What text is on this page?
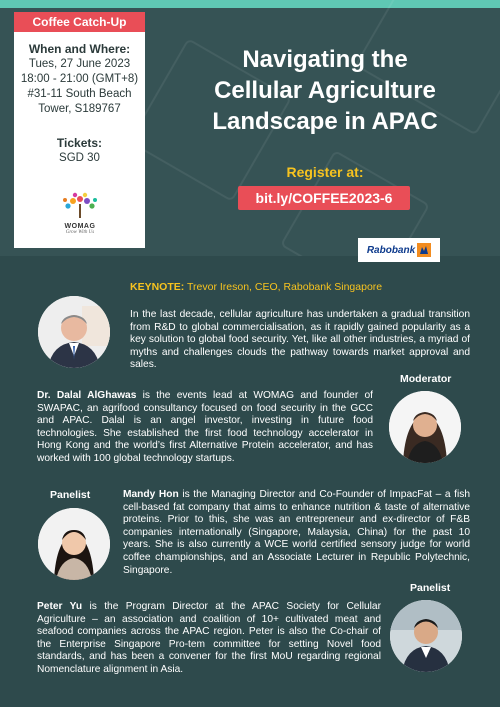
Coffee Catch-Up
When and Where:
Tues, 27 June 2023
18:00 - 21:00 (GMT+8)
#31-11 South Beach
Tower, S189767
Tickets:
SGD 30
WOMAG
Grow With Us
Navigating the
Cellular Agriculture
Landscape in APAC
Register at:
bit.ly/COFFEE2023-6
Rabobank
KEYNOTE: Trevor Ireson, CEO, Rabobank Singapore
In the last decade, cellular agriculture has undertaken a gradual transition from R&D to global commercialisation, as it rapidly gained popularity as a key solution to global food security. Yet, like all other industries, a myriad of myths and challenges clouds the pathway towards market approval and sales.
Moderator
Dr. Dalal AlGhawas is the events lead at WOMAG and founder of SWAPAC, an agrifood consultancy focused on food security in the GCC and APAC. Dalal is an angel investor, investing in future food technologies. She established the first food technology accelerator in Hong Kong and the world’s first Alternative Protein accelerator, and has worked with 100 global technology startups.
Panelist	Mandy Hon is the Managing Director and Co-Founder of ImpacFat – a fish cell-based fat company that aims to enhance nutrition & taste of alternative proteins. Prior to this, she was an entrepreneur and ex-director of F&B companies internationally (Singapore, Malaysia, China) for the past 10 years. She is also currently a WCE world certified sensory judge for world coffee championships, and an Associate Lecturer in Republic Polytechnic, Singapore.
Panelist
Peter Yu is the Program Director at the APAC Society for Cellular Agriculture – an association and coalition of 10+ cultivated meat and seafood companies across the APAC region. Peter is also the Co-chair of the Enterprise Singapore Pro-tem committee for setting Novel food standards, and has been a convener for the first MoU regarding regional Nomenclature alignment in Asia.
